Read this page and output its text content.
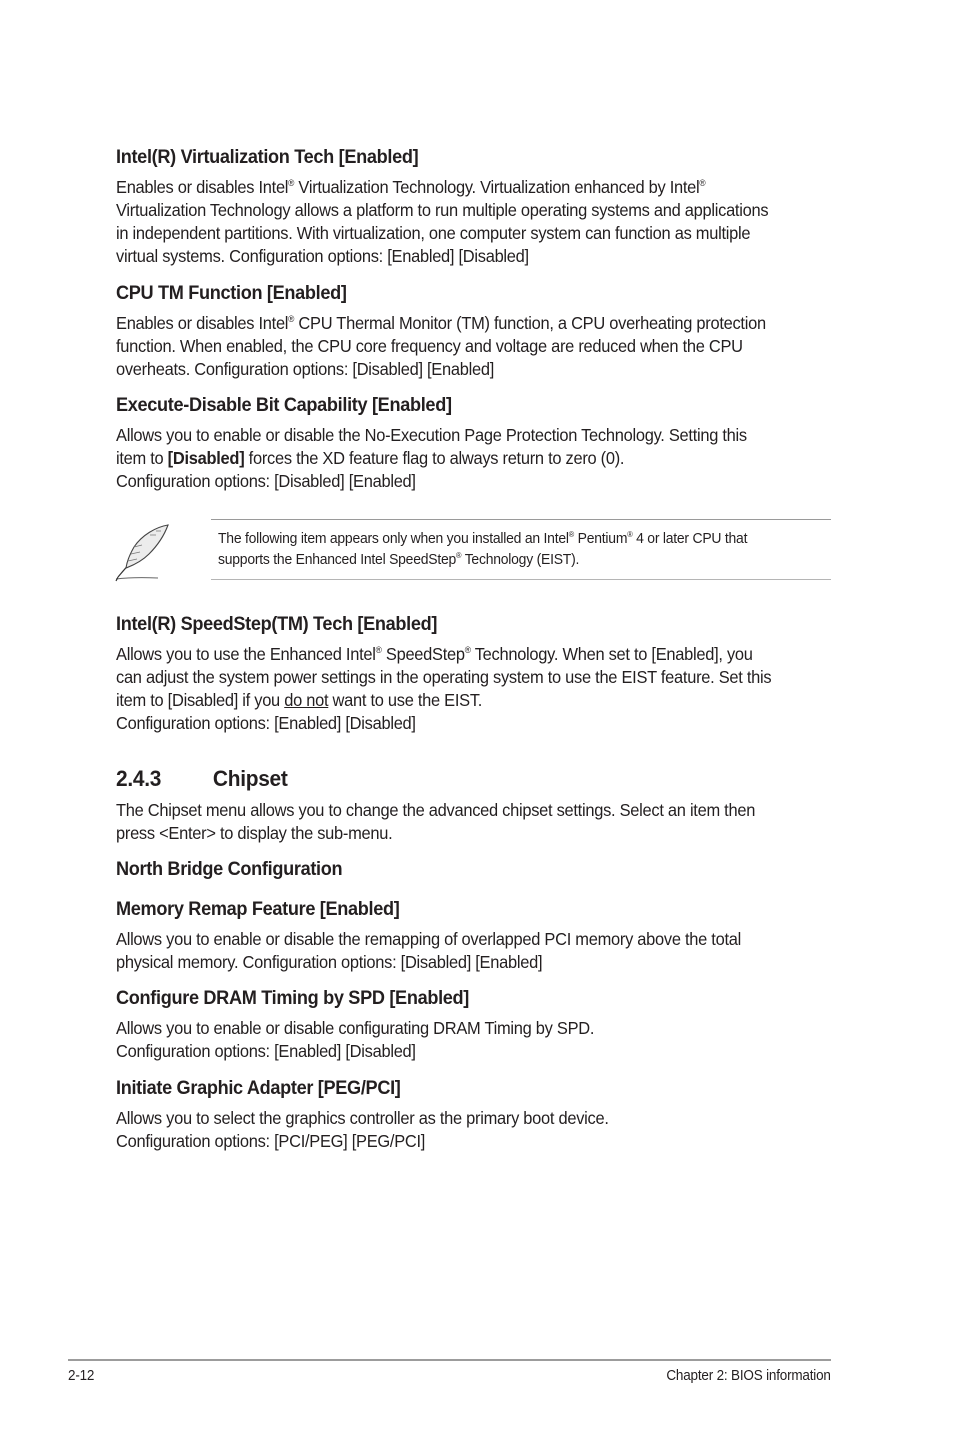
Intel(R) Virtualization Tech [Enabled]

Enables or disables Intel® Virtualization Technology. Virtualization enhanced by Intel®
Virtualization Technology allows a platform to run multiple operating systems and applications
in independent partitions. With virtualization, one computer system can function as multiple
virtual systems. Configuration options: [Enabled] [Disabled]

CPU TM Function [Enabled]

Enables or disables Intel® CPU Thermal Monitor (TM) function, a CPU overheating protection
function. When enabled, the CPU core frequency and voltage are reduced when the CPU
overheats. Configuration options: [Disabled] [Enabled]

Execute-Disable Bit Capability [Enabled]

Allows you to enable or disable the No-Execution Page Protection Technology. Setting this
item to [Disabled] forces the XD feature flag to always return to zero (0).
Configuration options: [Disabled] [Enabled]

The following item appears only when you installed an Intel® Pentium® 4 or later CPU that
supports the Enhanced Intel SpeedStep® Technology (EIST).

Intel(R) SpeedStep(TM) Tech [Enabled]

Allows you to use the Enhanced Intel® SpeedStep® Technology. When set to [Enabled], you
can adjust the system power settings in the operating system to use the EIST feature. Set this
item to [Disabled] if you do not want to use the EIST.
Configuration options: [Enabled] [Disabled]

2.4.3 Chipset

The Chipset menu allows you to change the advanced chipset settings. Select an item then
press <Enter> to display the sub-menu.

North Bridge Configuration
Memory Remap Feature [Enabled]

Allows you to enable or disable the remapping of overlapped PCI memory above the total
physical memory. Configuration options: [Disabled] [Enabled]

Configure DRAM Timing by SPD [Enabled]

Allows you to enable or disable configurating DRAM Timing by SPD.
Configuration options: [Enabled] [Disabled]

Initiate Graphic Adapter [PEG/PCI]

Allows you to select the graphics controller as the primary boot device.
Configuration options: [PCI/PEG] [PEG/PCI]

2-12	Chapter 2: BIOS information
